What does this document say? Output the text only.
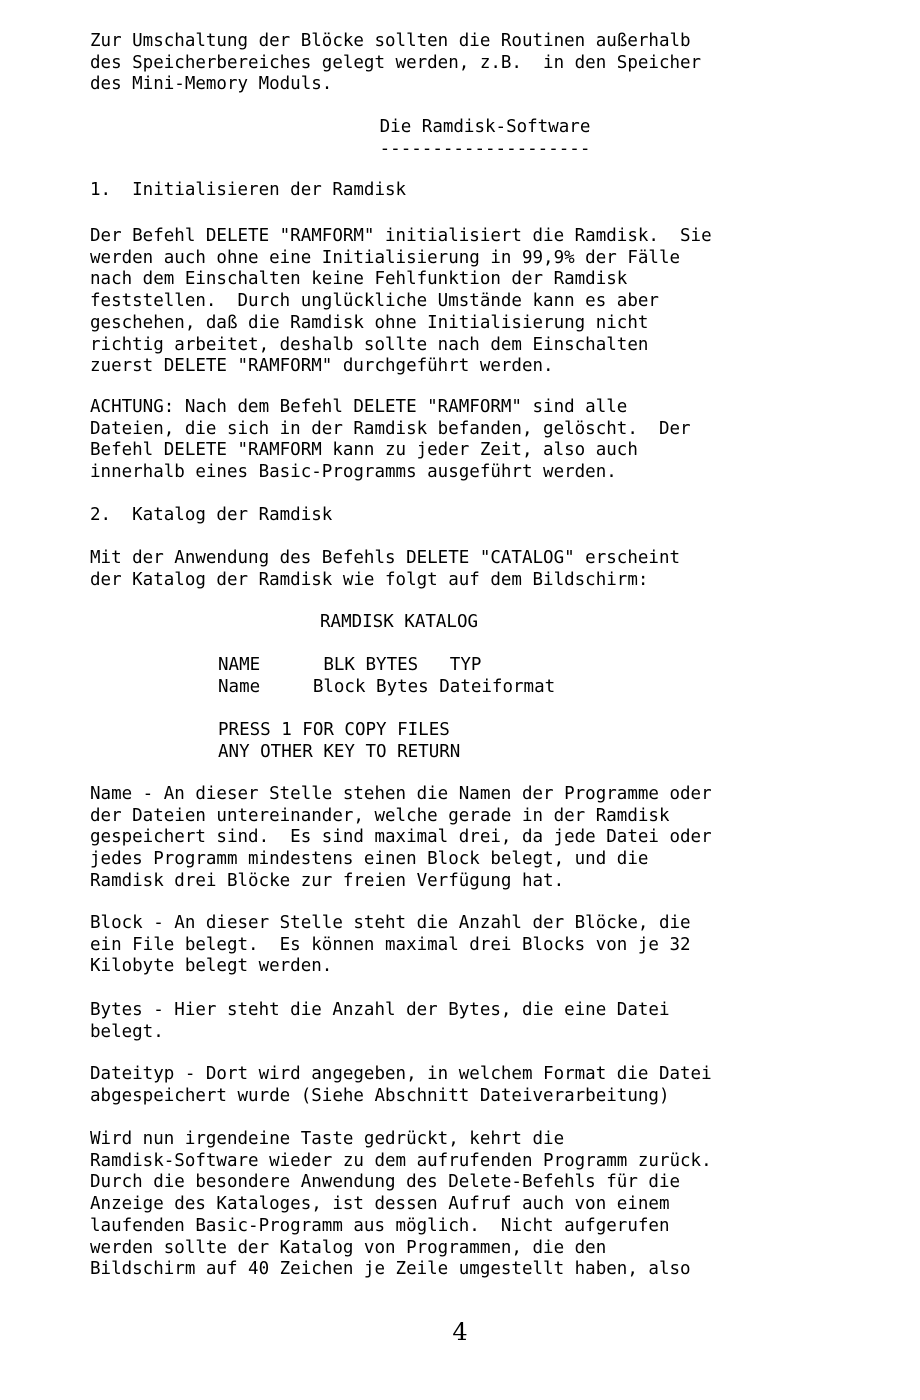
Zur Umschaltung der Blöcke sollten die Routinen außerhalb
des Speicherbereiches gelegt werden, z.B.  in den Speicher
des Mini-Memory Moduls.

Die Ramdisk-Software
--------------------

1.  Initialisieren der Ramdisk

Der Befehl DELETE "RAMFORM" initialisiert die Ramdisk.  Sie
werden auch ohne eine Initialisierung in 99,9% der Fälle
nach dem Einschalten keine Fehlfunktion der Ramdisk
feststellen.  Durch unglückliche Umstände kann es aber
geschehen, daß die Ramdisk ohne Initialisierung nicht
richtig arbeitet, deshalb sollte nach dem Einschalten
zuerst DELETE "RAMFORM" durchgeführt werden.

ACHTUNG: Nach dem Befehl DELETE "RAMFORM" sind alle
Dateien, die sich in der Ramdisk befanden, gelöscht.  Der
Befehl DELETE "RAMFORM kann zu jeder Zeit, also auch
innerhalb eines Basic-Programms ausgeführt werden.

2.  Katalog der Ramdisk

Mit der Anwendung des Befehls DELETE "CATALOG" erscheint
der Katalog der Ramdisk wie folgt auf dem Bildschirm:

RAMDISK KATALOG

NAME      BLK BYTES   TYP
Name     Block Bytes Dateiformat

PRESS 1 FOR COPY FILES
ANY OTHER KEY TO RETURN

Name - An dieser Stelle stehen die Namen der Programme oder
der Dateien untereinander, welche gerade in der Ramdisk
gespeichert sind.  Es sind maximal drei, da jede Datei oder
jedes Programm mindestens einen Block belegt, und die
Ramdisk drei Blöcke zur freien Verfügung hat.

Block - An dieser Stelle steht die Anzahl der Blöcke, die
ein File belegt.  Es können maximal drei Blocks von je 32
Kilobyte belegt werden.

Bytes - Hier steht die Anzahl der Bytes, die eine Datei
belegt.

Dateityp - Dort wird angegeben, in welchem Format die Datei
abgespeichert wurde (Siehe Abschnitt Dateiverarbeitung)

Wird nun irgendeine Taste gedrückt, kehrt die
Ramdisk-Software wieder zu dem aufrufenden Programm zurück.
Durch die besondere Anwendung des Delete-Befehls für die
Anzeige des Kataloges, ist dessen Aufruf auch von einem
laufenden Basic-Programm aus möglich.  Nicht aufgerufen
werden sollte der Katalog von Programmen, die den
Bildschirm auf 40 Zeichen je Zeile umgestellt haben, also

4
